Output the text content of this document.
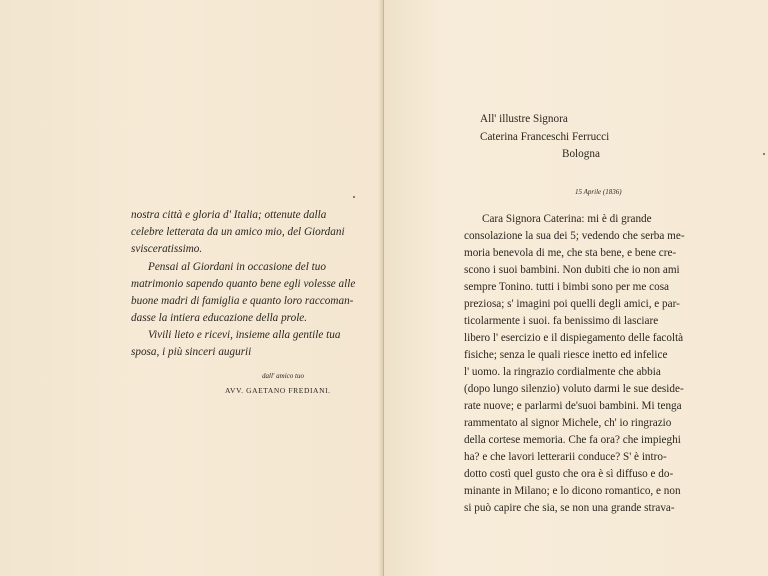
nostra città e gloria d' Italia; ottenute dalla
celebre letterata da un amico mio, del Giordani
svisceratissimo.
Pensai al Giordani in occasione del tuo
matrimonio sapendo quanto bene egli volesse alle
buone madri di famiglia e quanto loro raccoman-
dasse la intiera educazione della prole.
Vivili lieto e ricevi, insieme alla gentile tua
sposa, i più sinceri augurii
dall' amico tuo
AVV. GAETANO FREDIANI.
All' illustre Signora
Caterina Franceschi Ferrucci
Bologna
15 Aprile (1836)
Cara Signora Caterina: mi è di grande
consolazione la sua dei 5; vedendo che serba me-
moria benevola di me, che sta bene, e bene cre-
scono i suoi bambini. Non dubiti che io non ami
sempre Tonino. tutti i bimbi sono per me cosa
preziosa; s' imagini poi quelli degli amici, e par-
ticolarmente i suoi. fa benissimo di lasciare
libero l' esercizio e il dispiegamento delle facoltà
fisiche; senza le quali riesce inetto ed infelice
l' uomo. la ringrazio cordialmente che abbia
(dopo lungo silenzio) voluto darmi le sue deside-
rate nuove; e parlarmi de'suoi bambini. Mi tenga
rammentato al signor Michele, ch' io ringrazio
della cortese memoria. Che fa ora? che impieghi
ha? e che lavori letterarii conduce? S' è intro-
dotto costì quel gusto che ora è sì diffuso e do-
minante in Milano; e lo dicono romantico, e non
si può capire che sia, se non una grande strava-
